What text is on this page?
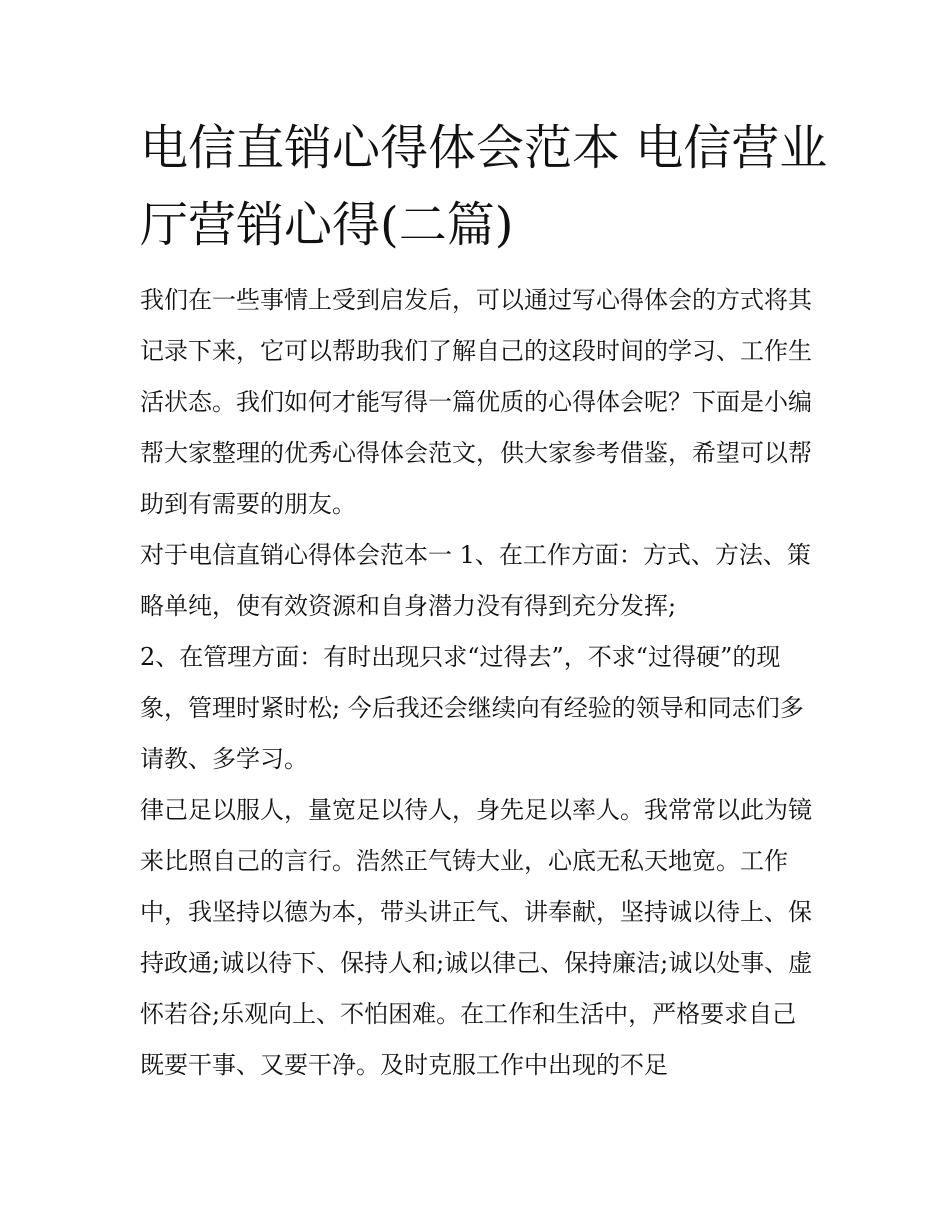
电信直销心得体会范本 电信营业厅营销心得(二篇)

我们在一些事情上受到启发后，可以通过写心得体会的方式将其记录下来，它可以帮助我们了解自己的这段时间的学习、工作生活状态。我们如何才能写得一篇优质的心得体会呢？下面是小编帮大家整理的优秀心得体会范文，供大家参考借鉴，希望可以帮助到有需要的朋友。

对于电信直销心得体会范本一 1、在工作方面：方式、方法、策略单纯，使有效资源和自身潜力没有得到充分发挥;

2、在管理方面：有时出现只求“过得去”，不求“过得硬”的现象，管理时紧时松; 今后我还会继续向有经验的领导和同志们多请教、多学习。

律己足以服人，量宽足以待人，身先足以率人。我常常以此为镜来比照自己的言行。浩然正气铸大业，心底无私天地宽。工作中，我坚持以德为本，带头讲正气、讲奉献，坚持诚以待上、保持政通;诚以待下、保持人和;诚以律己、保持廉洁;诚以处事、虚怀若谷;乐观向上、不怕困难。在工作和生活中，严格要求自己既要干事、又要干净。及时克服工作中出现的不足
